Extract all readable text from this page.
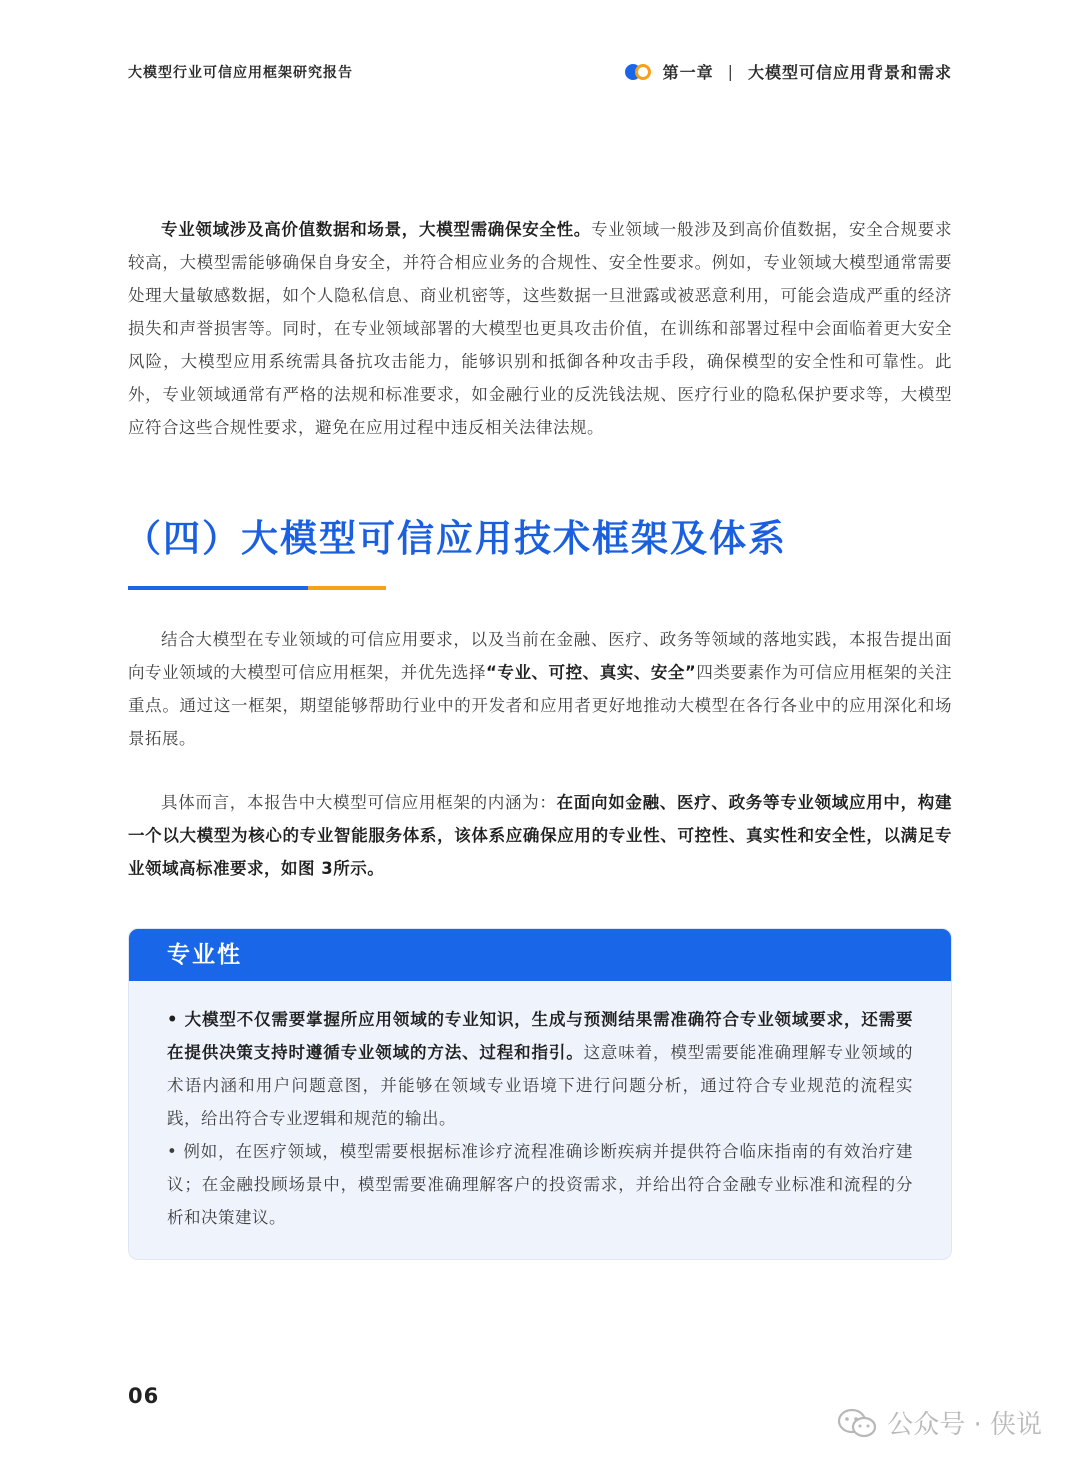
大模型行业可信应用框架研究报告	第一章 | 大模型可信应用背景和需求

专业领域涉及高价值数据和场景，大模型需确保安全性。专业领域一般涉及到高价值数据，安全合规要求较高，大模型需能够确保自身安全，并符合相应业务的合规性、安全性要求。例如，专业领域大模型通常需要处理大量敏感数据，如个人隐私信息、商业机密等，这些数据一旦泄露或被恶意利用，可能会造成严重的经济损失和声誉损害等。同时，在专业领域部署的大模型也更具攻击价值，在训练和部署过程中会面临着更大安全风险，大模型应用系统需具备抗攻击能力，能够识别和抵御各种攻击手段，确保模型的安全性和可靠性。此外，专业领域通常有严格的法规和标准要求，如金融行业的反洗钱法规、医疗行业的隐私保护要求等，大模型应符合这些合规性要求，避免在应用过程中违反相关法律法规。

（四）大模型可信应用技术框架及体系

结合大模型在专业领域的可信应用要求，以及当前在金融、医疗、政务等领域的落地实践，本报告提出面向专业领域的大模型可信应用框架，并优先选择“专业、可控、真实、安全”四类要素作为可信应用框架的关注重点。通过这一框架，期望能够帮助行业中的开发者和应用者更好地推动大模型在各行各业中的应用深化和场景拓展。

具体而言，本报告中大模型可信应用框架的内涵为：在面向如金融、医疗、政务等专业领域应用中，构建一个以大模型为核心的专业智能服务体系，该体系应确保应用的专业性、可控性、真实性和安全性，以满足专业领域高标准要求，如图 3所示。

专业性

• 大模型不仅需要掌握所应用领域的专业知识，生成与预测结果需准确符合专业领域要求，还需要在提供决策支持时遵循专业领域的方法、过程和指引。这意味着，模型需要能准确理解专业领域的术语内涵和用户问题意图，并能够在领域专业语境下进行问题分析，通过符合专业规范的流程实践，给出符合专业逻辑和规范的输出。

• 例如，在医疗领域，模型需要根据标准诊疗流程准确诊断疾病并提供符合临床指南的有效治疗建议；在金融投顾场景中，模型需要准确理解客户的投资需求，并给出符合金融专业标准和流程的分析和决策建议。

06
公众号 · 侠说
